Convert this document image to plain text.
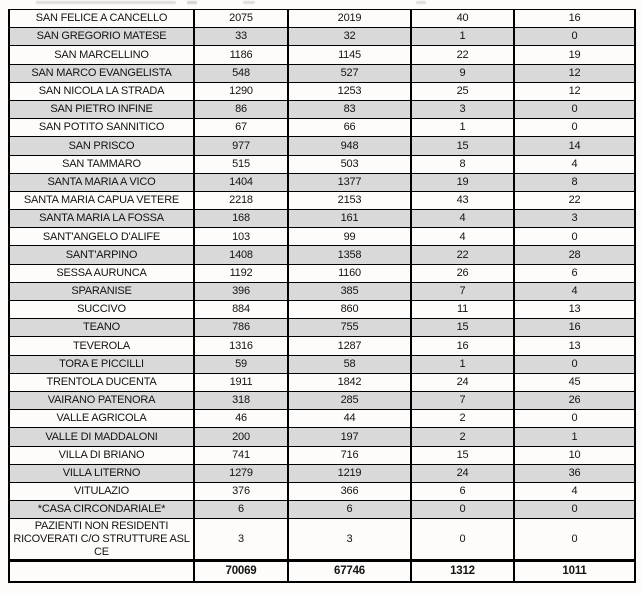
SAN FELICE A CANCELLO	2075	2019	40	16
SAN GREGORIO MATESE	33	32	1	0
SAN MARCELLINO	1186	1145	22	19
SAN MARCO EVANGELISTA	548	527	9	12
SAN NICOLA LA STRADA	1290	1253	25	12
SAN PIETRO INFINE	86	83	3	0
SAN POTITO SANNITICO	67	66	1	0
SAN PRISCO	977	948	15	14
SAN TAMMARO	515	503	8	4
SANTA MARIA A VICO	1404	1377	19	8
SANTA MARIA CAPUA VETERE	2218	2153	43	22
SANTA MARIA LA FOSSA	168	161	4	3
SANT'ANGELO D'ALIFE	103	99	4	0
SANT'ARPINO	1408	1358	22	28
SESSA AURUNCA	1192	1160	26	6
SPARANISE	396	385	7	4
SUCCIVO	884	860	11	13
TEANO	786	755	15	16
TEVEROLA	1316	1287	16	13
TORA E PICCILLI	59	58	1	0
TRENTOLA DUCENTA	1911	1842	24	45
VAIRANO PATENORA	318	285	7	26
VALLE AGRICOLA	46	44	2	0
VALLE DI MADDALONI	200	197	2	1
VILLA DI BRIANO	741	716	15	10
VILLA LITERNO	1279	1219	24	36
VITULAZIO	376	366	6	4
*CASA CIRCONDARIALE*	6	6	0	0
PAZIENTI NON RESIDENTI RICOVERATI C/O STRUTTURE ASL CE	3	3	0	0
	70069	67746	1312	1011
